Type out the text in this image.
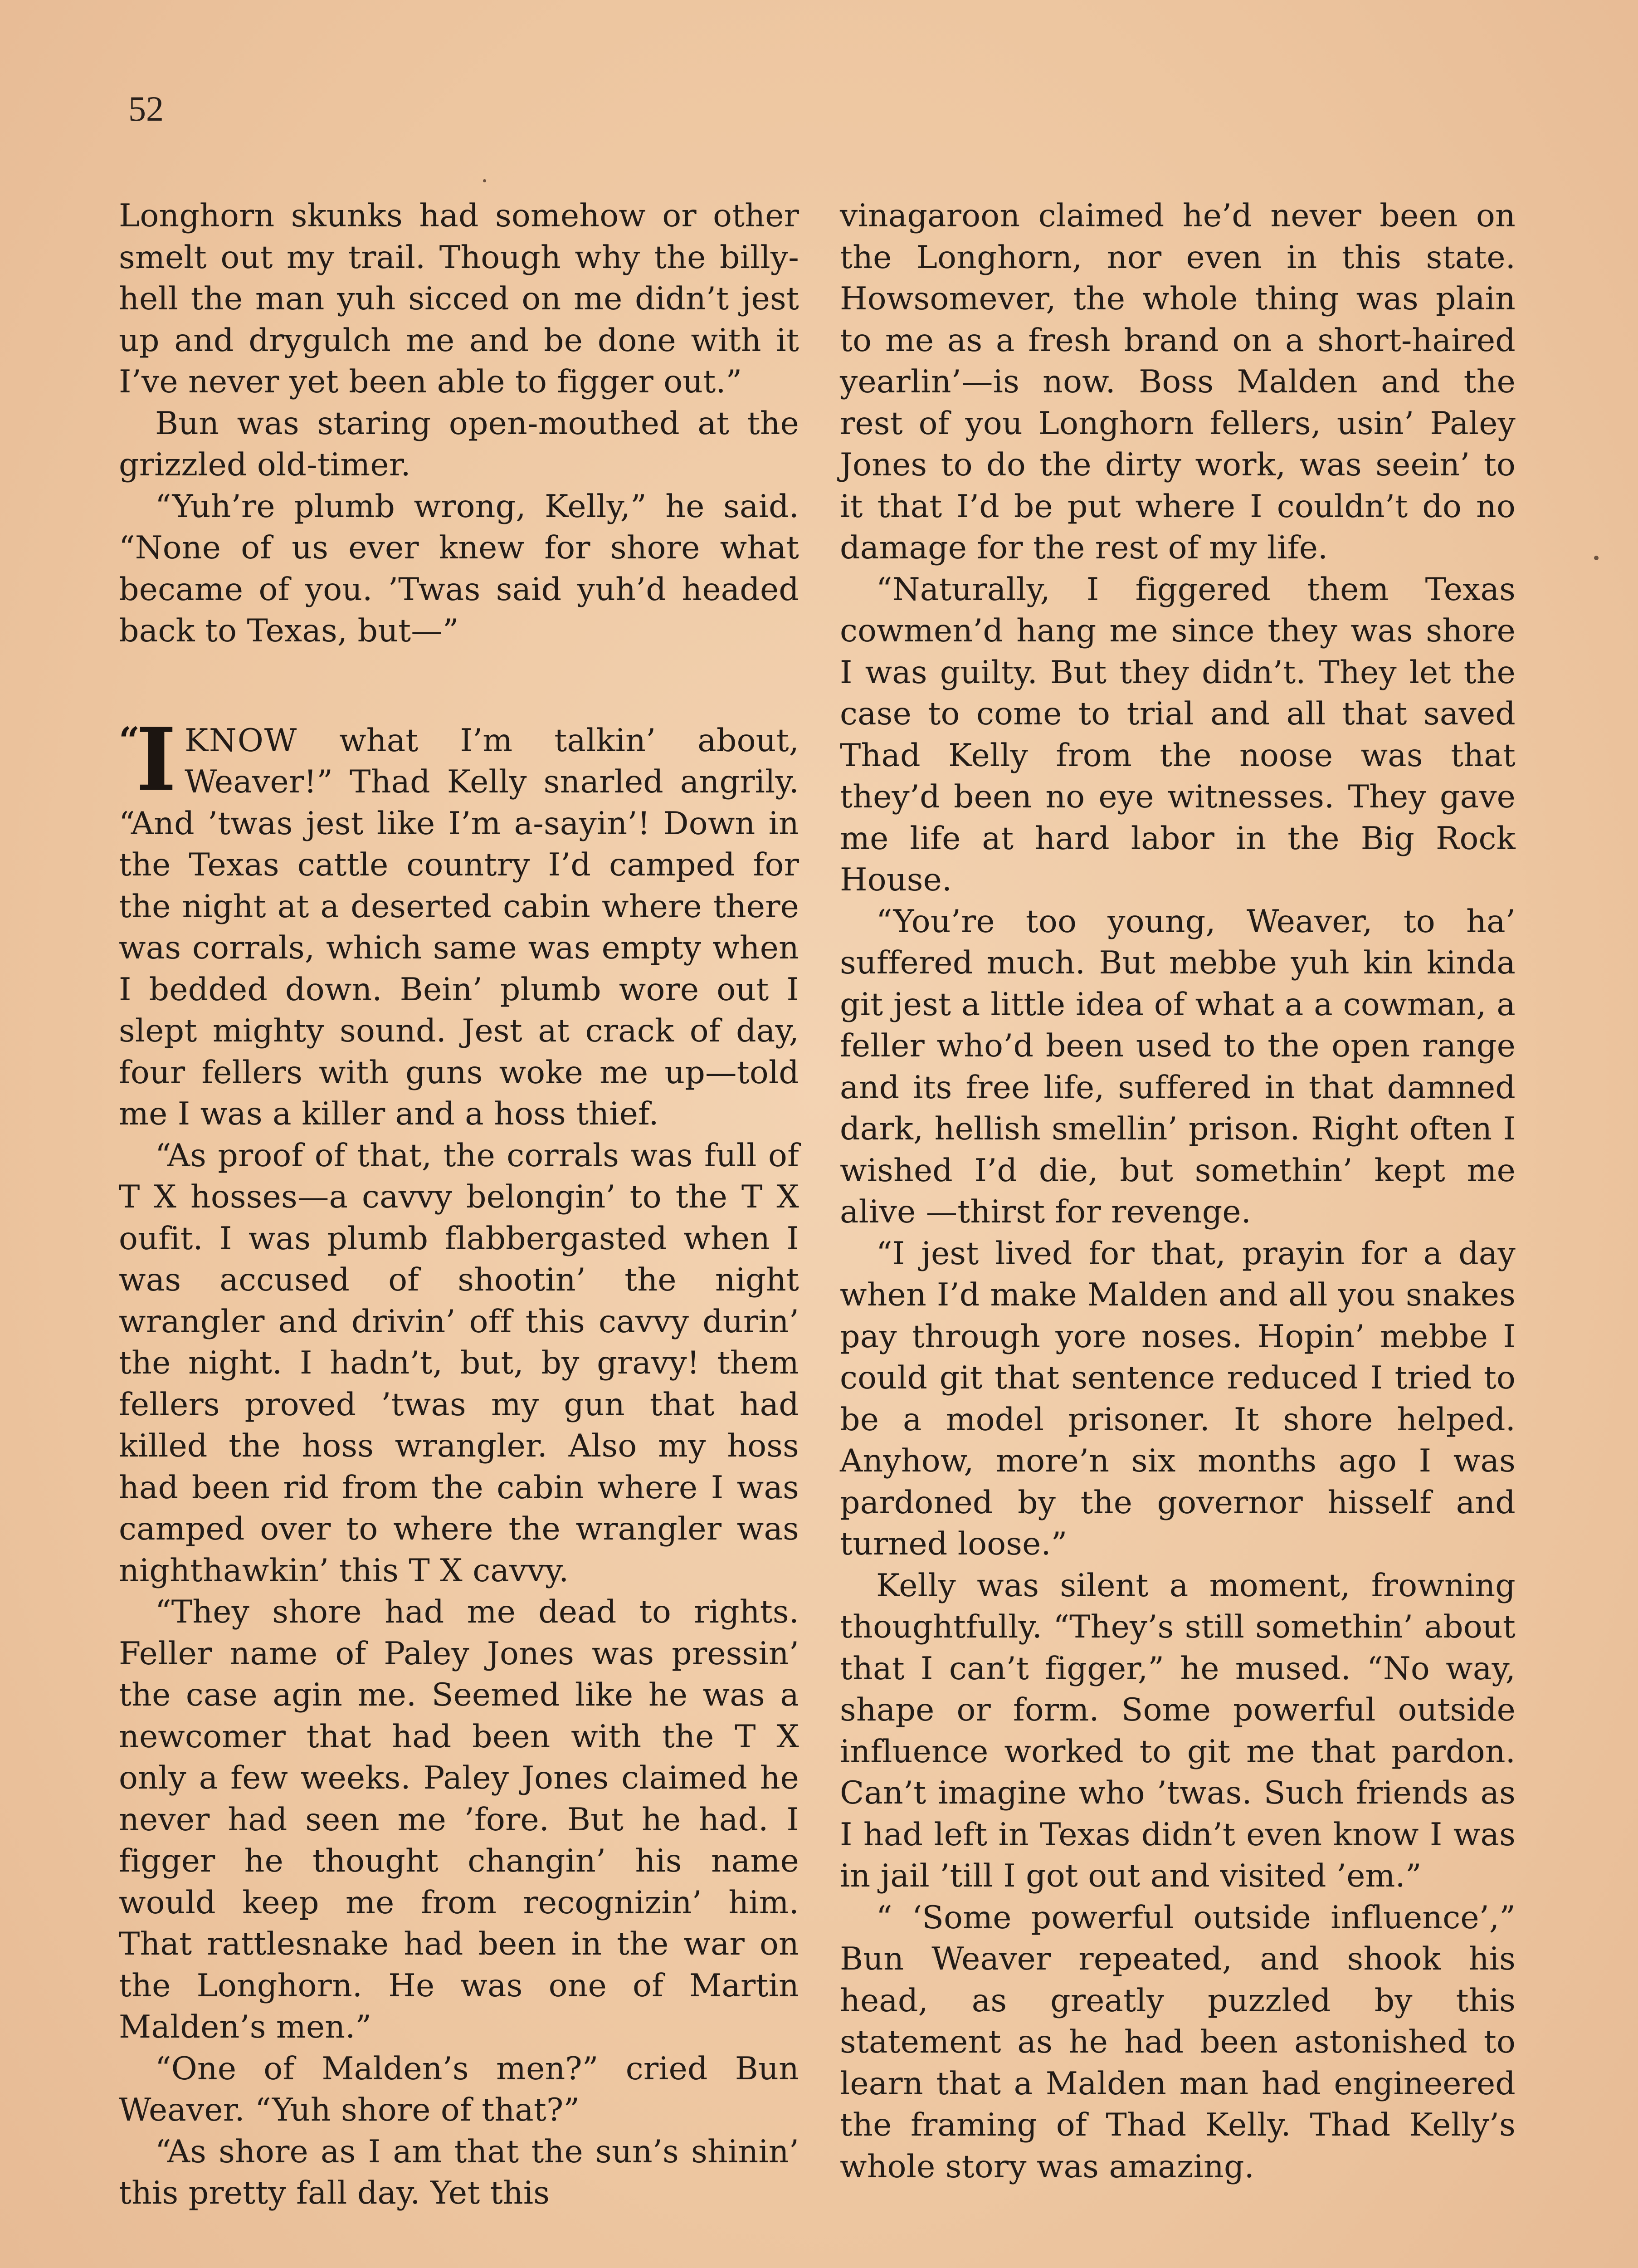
52

Longhorn skunks had somehow or other smelt out my trail. Though why the billy-hell the man yuh sicced on me didn’t jest up and drygulch me and be done with it I’ve never yet been able to figger out.”

Bun was staring open-mouthed at the grizzled old-timer.

“Yuh’re plumb wrong, Kelly,” he said. “None of us ever knew for shore what became of you. ’Twas said yuh’d headed back to Texas, but—”

“I KNOW what I’m talkin’ about, Weaver!” Thad Kelly snarled angrily. “And ’twas jest like I’m a-sayin’! Down in the Texas cattle country I’d camped for the night at a deserted cabin where there was corrals, which same was empty when I bedded down. Bein’ plumb wore out I slept mighty sound. Jest at crack of day, four fellers with guns woke me up—told me I was a killer and a hoss thief.

“As proof of that, the corrals was full of T X hosses—a cavvy belongin’ to the T X oufit. I was plumb flabbergasted when I was accused of shootin’ the night wrangler and drivin’ off this cavvy durin’ the night. I hadn’t, but, by gravy! them fellers proved ’twas my gun that had killed the hoss wrangler. Also my hoss had been rid from the cabin where I was camped over to where the wrangler was nighthawkin’ this T X cavvy.

“They shore had me dead to rights. Feller name of Paley Jones was pressin’ the case agin me. Seemed like he was a newcomer that had been with the T X only a few weeks. Paley Jones claimed he never had seen me ’fore. But he had. I figger he thought changin’ his name would keep me from recognizin’ him. That rattlesnake had been in the war on the Longhorn. He was one of Martin Malden’s men.”

“One of Malden’s men?” cried Bun Weaver. “Yuh shore of that?”

“As shore as I am that the sun’s shinin’ this pretty fall day. Yet this

vinagaroon claimed he’d never been on the Longhorn, nor even in this state. Howsomever, the whole thing was plain to me as a fresh brand on a short-haired yearlin’—is now. Boss Malden and the rest of you Longhorn fellers, usin’ Paley Jones to do the dirty work, was seein’ to it that I’d be put where I couldn’t do no damage for the rest of my life.

“Naturally, I figgered them Texas cowmen’d hang me since they was shore I was guilty. But they didn’t. They let the case to come to trial and all that saved Thad Kelly from the noose was that they’d been no eye witnesses. They gave me life at hard labor in the Big Rock House.

“You’re too young, Weaver, to ha’ suffered much. But mebbe yuh kin kinda git jest a little idea of what a a cowman, a feller who’d been used to the open range and its free life, suffered in that damned dark, hellish smellin’ prison. Right often I wished I’d die, but somethin’ kept me alive —thirst for revenge.

“I jest lived for that, prayin for a day when I’d make Malden and all you snakes pay through yore noses. Hopin’ mebbe I could git that sentence reduced I tried to be a model prisoner. It shore helped. Anyhow, more’n six months ago I was pardoned by the governor hisself and turned loose.”

Kelly was silent a moment, frowning thoughtfully. “They’s still somethin’ about that I can’t figger,” he mused. “No way, shape or form. Some powerful outside influence worked to git me that pardon. Can’t imagine who ’twas. Such friends as I had left in Texas didn’t even know I was in jail ’till I got out and visited ’em.”

“ ‘Some powerful outside influence’,” Bun Weaver repeated, and shook his head, as greatly puzzled by this statement as he had been astonished to learn that a Malden man had engineered the framing of Thad Kelly. Thad Kelly’s whole story was amazing.
